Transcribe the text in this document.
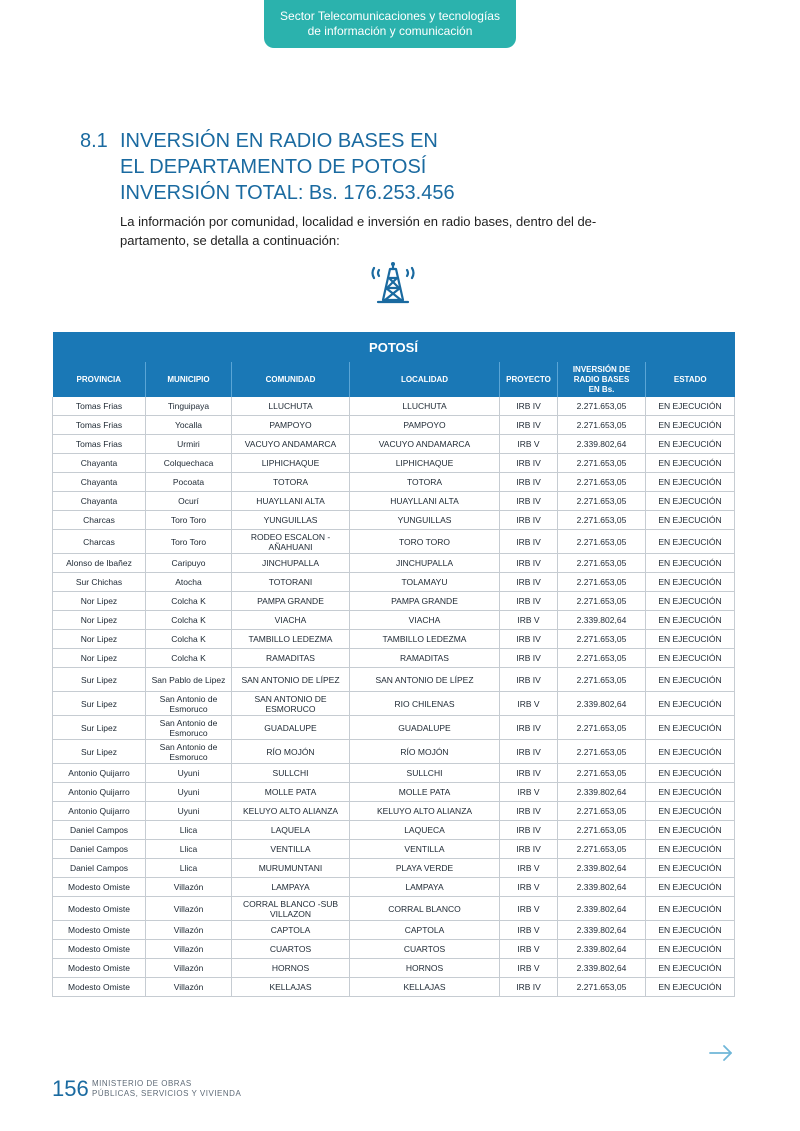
Sector Telecomunicaciones y tecnologías
de información y comunicación
8.1 INVERSIÓN EN RADIO BASES EN
EL DEPARTAMENTO DE POTOSÍ
INVERSIÓN TOTAL: Bs. 176.253.456
La información por comunidad, localidad e inversión en radio bases, dentro del de-
partamento, se detalla a continuación:
POTOSÍ						
PROVINCIA	MUNICIPIO	COMUNIDAD	LOCALIDAD	PROYECTO	INVERSIÓN DE
RADIO BASES
EN Bs.	ESTADO
Tomas Frias	Tinguipaya	LLUCHUTA	LLUCHUTA	IRB IV	2.271.653,05	EN EJECUCIÓN
Tomas Frias	Yocalla	PAMPOYO	PAMPOYO	IRB IV	2.271.653,05	EN EJECUCIÓN
Tomas Frias	Urmiri	VACUYO ANDAMARCA	VACUYO ANDAMARCA	IRB V	2.339.802,64	EN EJECUCIÓN
Chayanta	Colquechaca	LIPHICHAQUE	LIPHICHAQUE	IRB IV	2.271.653,05	EN EJECUCIÓN
Chayanta	Pocoata	TOTORA	TOTORA	IRB IV	2.271.653,05	EN EJECUCIÓN
Chayanta	Ocurí	HUAYLLANI ALTA	HUAYLLANI ALTA	IRB IV	2.271.653,05	EN EJECUCIÓN
Charcas	Toro Toro	YUNGUILLAS	YUNGUILLAS	IRB IV	2.271.653,05	EN EJECUCIÓN
Charcas	Toro Toro	RODEO ESCALON -AÑAHUANI	TORO TORO	IRB IV	2.271.653,05	EN EJECUCIÓN
Alonso de Ibañez	Caripuyo	JINCHUPALLA	JINCHUPALLA	IRB IV	2.271.653,05	EN EJECUCIÓN
Sur Chichas	Atocha	TOTORANI	TOLAMAYU	IRB IV	2.271.653,05	EN EJECUCIÓN
Nor Lipez	Colcha K	PAMPA GRANDE	PAMPA GRANDE	IRB IV	2.271.653,05	EN EJECUCIÓN
Nor Lipez	Colcha K	VIACHA	VIACHA	IRB V	2.339.802,64	EN EJECUCIÓN
Nor Lipez	Colcha K	TAMBILLO LEDEZMA	TAMBILLO LEDEZMA	IRB IV	2.271.653,05	EN EJECUCIÓN
Nor Lipez	Colcha K	RAMADITAS	RAMADITAS	IRB IV	2.271.653,05	EN EJECUCIÓN
Sur Lipez	San Pablo de Lipez	SAN ANTONIO DE LÍPEZ	SAN ANTONIO DE LÍPEZ	IRB IV	2.271.653,05	EN EJECUCIÓN
Sur Lipez	San Antonio de Esmoruco	SAN ANTONIO DE ESMORUCO	RIO CHILENAS	IRB V	2.339.802,64	EN EJECUCIÓN
Sur Lipez	San Antonio de Esmoruco	GUADALUPE	GUADALUPE	IRB IV	2.271.653,05	EN EJECUCIÓN
Sur Lipez	San Antonio de Esmoruco	RÍO MOJÓN	RÍO MOJÓN	IRB IV	2.271.653,05	EN EJECUCIÓN
Antonio Quijarro	Uyuni	SULLCHI	SULLCHI	IRB IV	2.271.653,05	EN EJECUCIÓN
Antonio Quijarro	Uyuni	MOLLE PATA	MOLLE PATA	IRB V	2.339.802,64	EN EJECUCIÓN
Antonio Quijarro	Uyuni	KELUYO ALTO ALIANZA	KELUYO ALTO ALIANZA	IRB IV	2.271.653,05	EN EJECUCIÓN
Daniel Campos	Llica	LAQUELA	LAQUECA	IRB IV	2.271.653,05	EN EJECUCIÓN
Daniel Campos	Llica	VENTILLA	VENTILLA	IRB IV	2.271.653,05	EN EJECUCIÓN
Daniel Campos	Llica	MURUMUNTANI	PLAYA VERDE	IRB V	2.339.802,64	EN EJECUCIÓN
Modesto Omiste	Villazón	LAMPAYA	LAMPAYA	IRB V	2.339.802,64	EN EJECUCIÓN
Modesto Omiste	Villazón	CORRAL BLANCO -SUB VILLAZON	CORRAL BLANCO	IRB V	2.339.802,64	EN EJECUCIÓN
Modesto Omiste	Villazón	CAPTOLA	CAPTOLA	IRB V	2.339.802,64	EN EJECUCIÓN
Modesto Omiste	Villazón	CUARTOS	CUARTOS	IRB V	2.339.802,64	EN EJECUCIÓN
Modesto Omiste	Villazón	HORNOS	HORNOS	IRB V	2.339.802,64	EN EJECUCIÓN
Modesto Omiste	Villazón	KELLAJAS	KELLAJAS	IRB IV	2.271.653,05	EN EJECUCIÓN
156 MINISTERIO DE OBRAS
PÚBLICAS, SERVICIOS Y VIVIENDA
